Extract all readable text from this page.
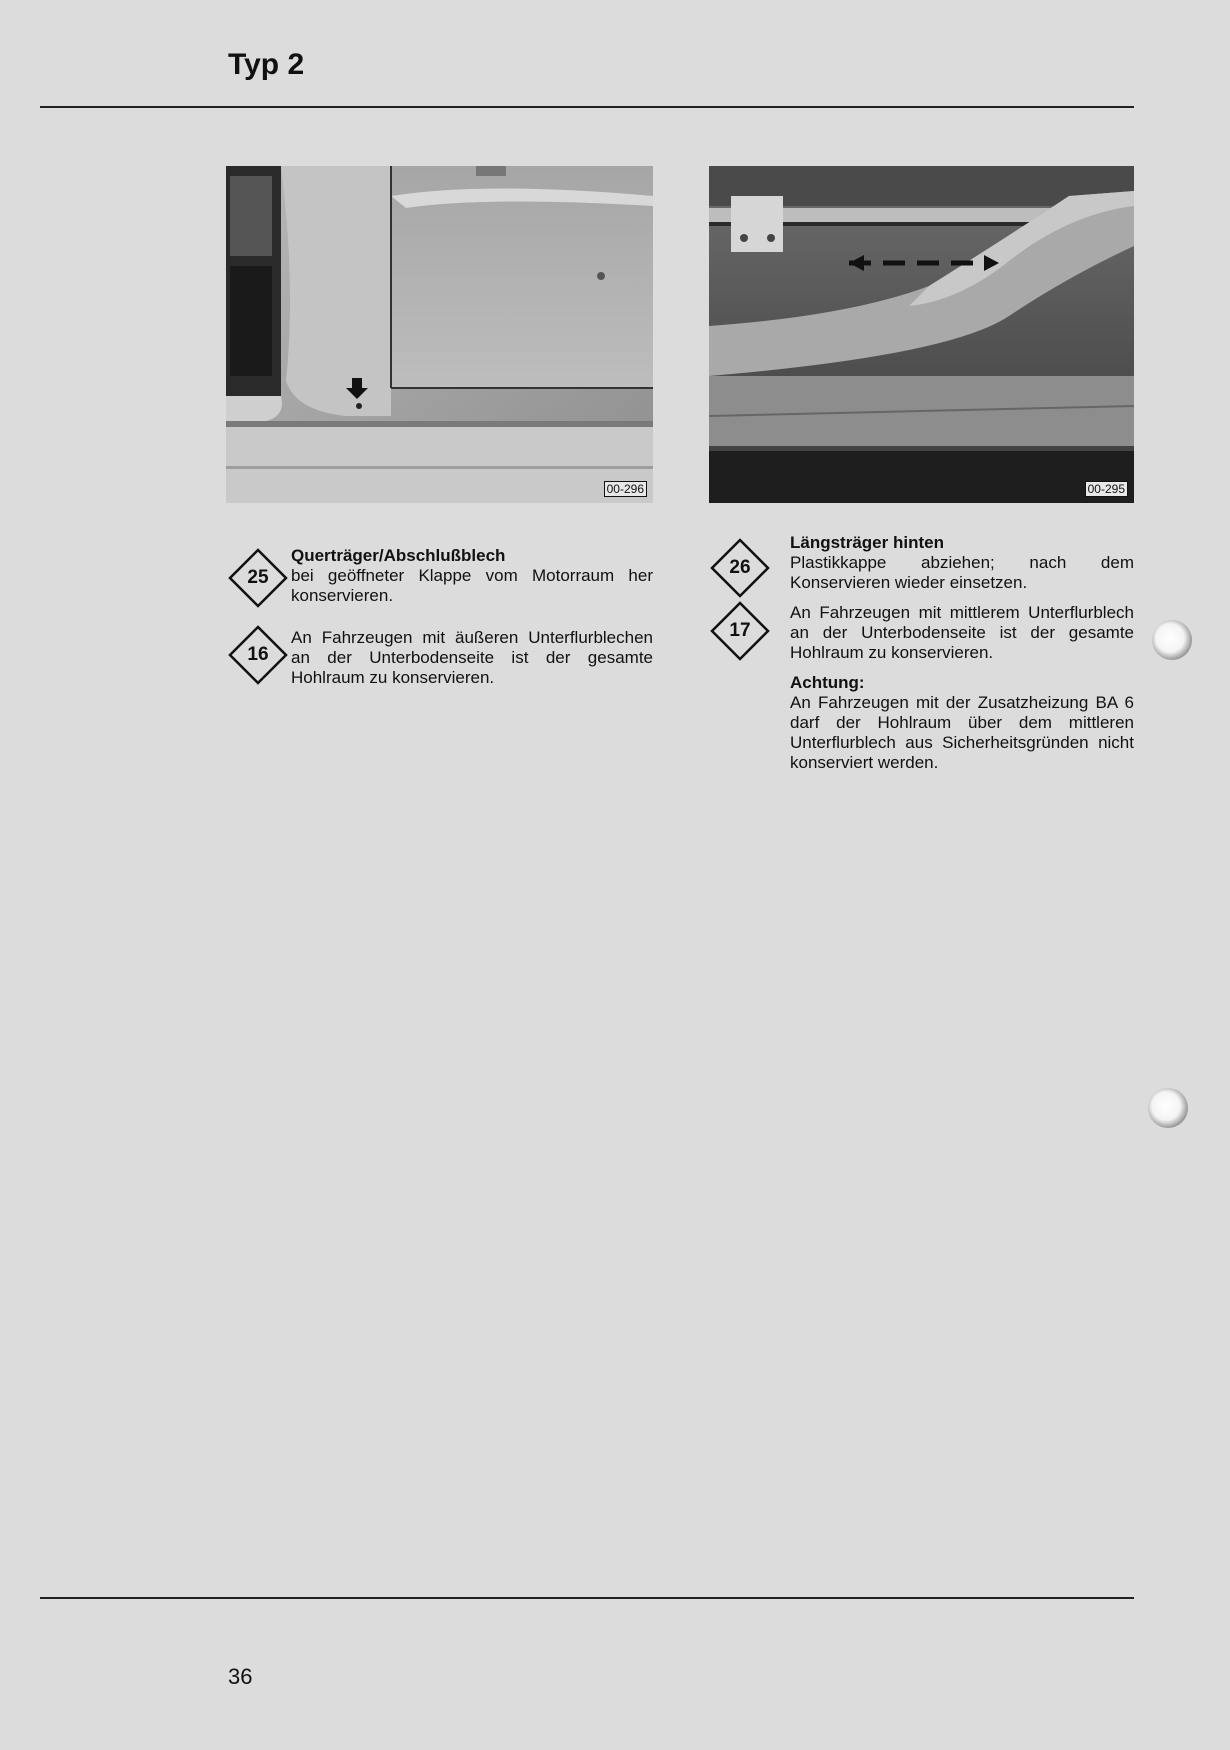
Typ 2
00-296	00-295
25
Querträger/Abschlußblech
bei geöffneter Klappe vom Motorraum her konservieren.
16
An Fahrzeugen mit äußeren Unterflurblechen an der Unterbodenseite ist der gesamte Hohlraum zu konservieren.
26
Längsträger hinten
Plastikkappe abziehen; nach dem Konservieren wieder einsetzen.
17
An Fahrzeugen mit mittlerem Unterflurblech an der Unterbodenseite ist der gesamte Hohlraum zu konservieren.
Achtung:
An Fahrzeugen mit der Zusatzheizung BA 6 darf der Hohlraum über dem mittleren Unterflurblech aus Sicherheitsgründen nicht konserviert werden.
36
